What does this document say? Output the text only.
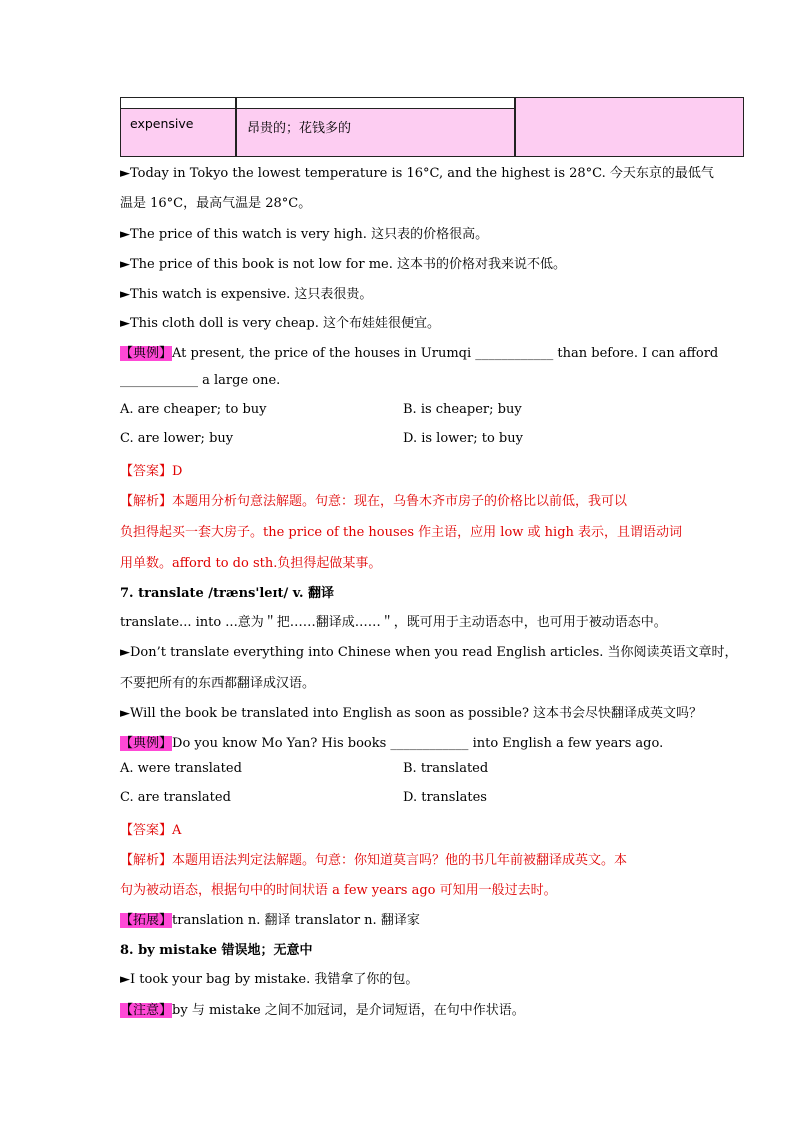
expensive	昂贵的；花钱多的
►Today in Tokyo the lowest temperature is 16°C, and the highest is 28°C. 今天东京的最低气
温是 16°C，最高气温是 28°C。
►The price of this watch is very high. 这只表的价格很高。
►The price of this book is not low for me. 这本书的价格对我来说不低。
►This watch is expensive. 这只表很贵。
►This cloth doll is very cheap. 这个布娃娃很便宜。
【典例】At present, the price of the houses in Urumqi ____________ than before. I can afford
____________ a large one.
A. are cheaper; to buy	B. is cheaper; buy
C. are lower; buy	D. is lower; to buy
【答案】D
【解析】本题用分析句意法解题。句意：现在，乌鲁木齐市房子的价格比以前低，我可以
负担得起买一套大房子。the price of the houses 作主语，应用 low 或 high 表示，且谓语动词
用单数。afford to do sth.负担得起做某事。
7. translate /træns'leɪt/ v. 翻译
translate... into ...意为＂把……翻译成……＂，既可用于主动语态中，也可用于被动语态中。
►Don’t translate everything into Chinese when you read English articles. 当你阅读英语文章时，
不要把所有的东西都翻译成汉语。
►Will the book be translated into English as soon as possible? 这本书会尽快翻译成英文吗？
【典例】Do you know Mo Yan? His books ____________ into English a few years ago.
A. were translated	B. translated
C. are translated	D. translates
【答案】A
【解析】本题用语法判定法解题。句意：你知道莫言吗？他的书几年前被翻译成英文。本
句为被动语态，根据句中的时间状语 a few years ago 可知用一般过去时。
【拓展】translation n. 翻译 translator n. 翻译家
8. by mistake 错误地；无意中
►I took your bag by mistake. 我错拿了你的包。
【注意】by 与 mistake 之间不加冠词，是介词短语，在句中作状语。
